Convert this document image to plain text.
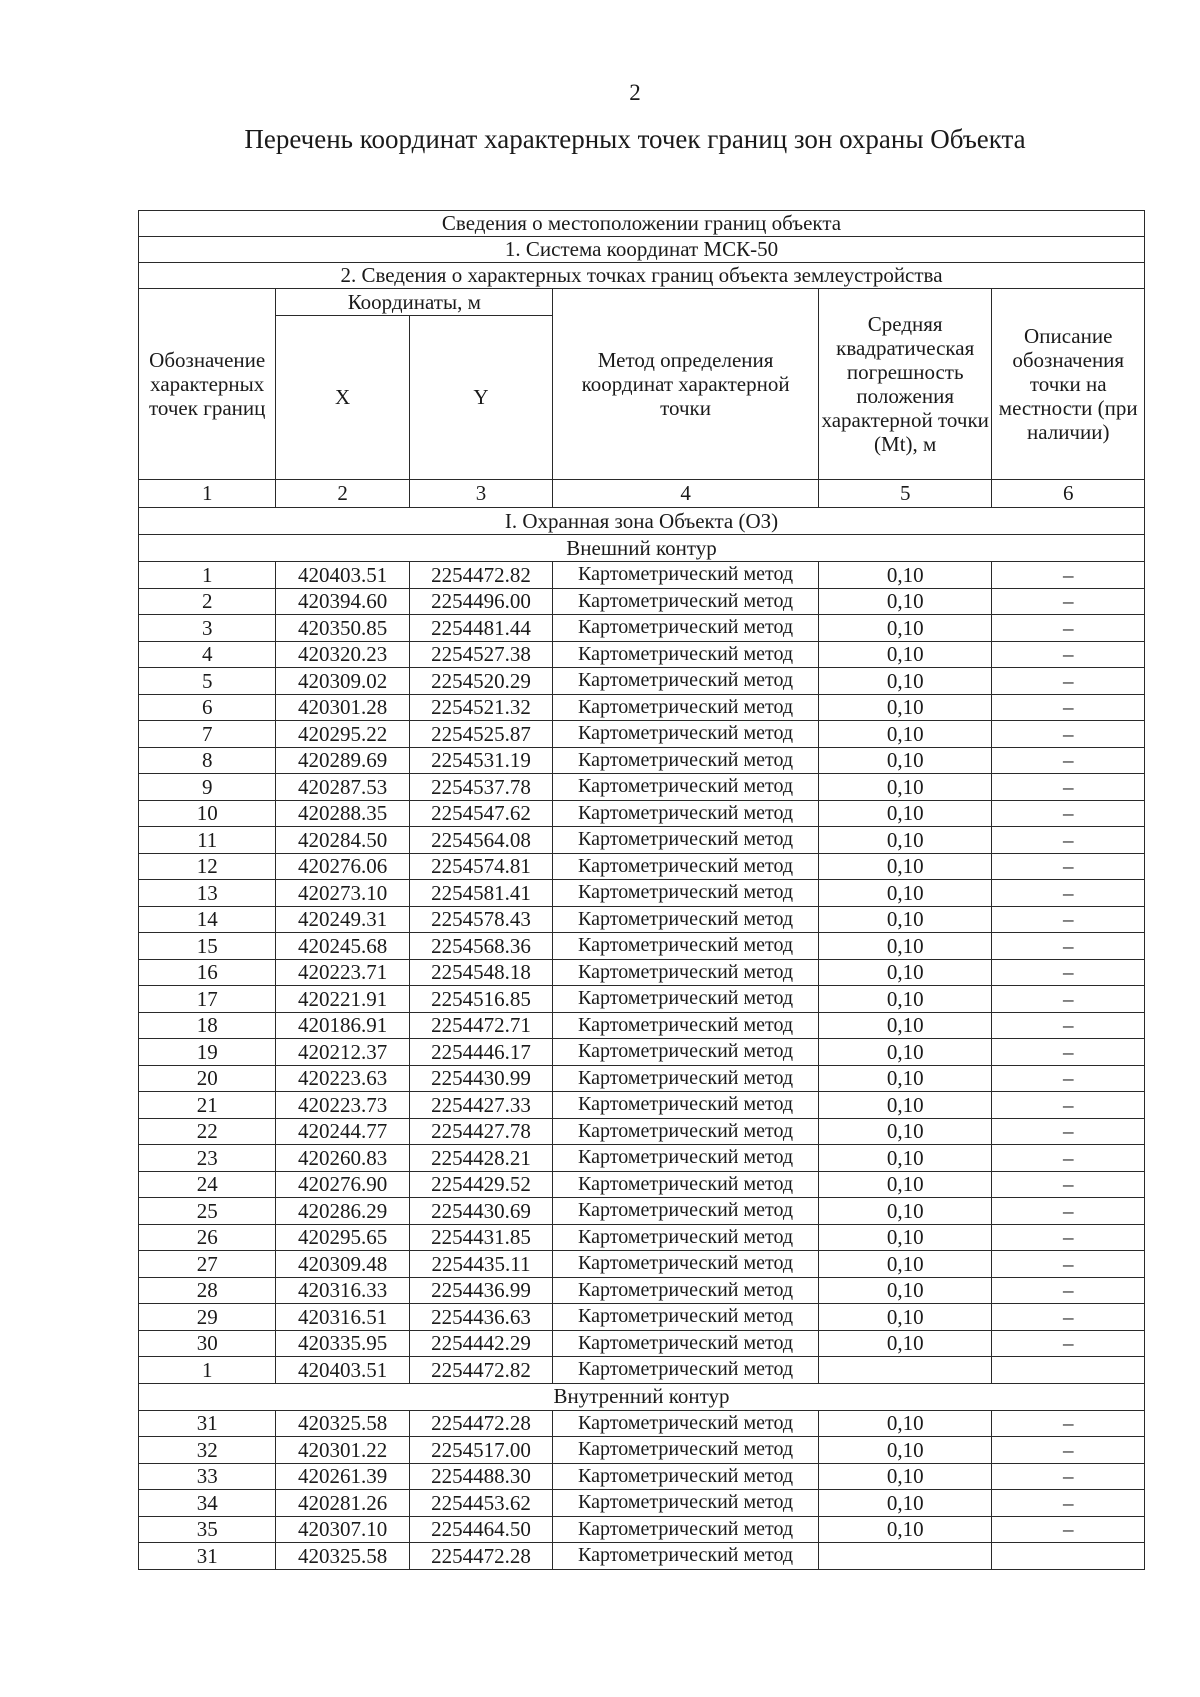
2
Перечень координат характерных точек границ зон охраны Объекта
Сведения о местоположении границ объекта					
1. Система координат МСК-50					
2. Сведения о характерных точках границ объекта землеустройства					
Обозначение характерных точек границ	Координаты, м		Метод определения координат характерной точки	Средняя квадратическая погрешность положения характерной точки (Mt), м	Описание обозначения точки на местности (при наличии)
	X	Y			
1	2	3	4	5	6
I. Охранная зона Объекта (ОЗ)					
Внешний контур					
1	420403.51	2254472.82	Картометрический метод	0,10	–
2	420394.60	2254496.00	Картометрический метод	0,10	–
3	420350.85	2254481.44	Картометрический метод	0,10	–
4	420320.23	2254527.38	Картометрический метод	0,10	–
5	420309.02	2254520.29	Картометрический метод	0,10	–
6	420301.28	2254521.32	Картометрический метод	0,10	–
7	420295.22	2254525.87	Картометрический метод	0,10	–
8	420289.69	2254531.19	Картометрический метод	0,10	–
9	420287.53	2254537.78	Картометрический метод	0,10	–
10	420288.35	2254547.62	Картометрический метод	0,10	–
11	420284.50	2254564.08	Картометрический метод	0,10	–
12	420276.06	2254574.81	Картометрический метод	0,10	–
13	420273.10	2254581.41	Картометрический метод	0,10	–
14	420249.31	2254578.43	Картометрический метод	0,10	–
15	420245.68	2254568.36	Картометрический метод	0,10	–
16	420223.71	2254548.18	Картометрический метод	0,10	–
17	420221.91	2254516.85	Картометрический метод	0,10	–
18	420186.91	2254472.71	Картометрический метод	0,10	–
19	420212.37	2254446.17	Картометрический метод	0,10	–
20	420223.63	2254430.99	Картометрический метод	0,10	–
21	420223.73	2254427.33	Картометрический метод	0,10	–
22	420244.77	2254427.78	Картометрический метод	0,10	–
23	420260.83	2254428.21	Картометрический метод	0,10	–
24	420276.90	2254429.52	Картометрический метод	0,10	–
25	420286.29	2254430.69	Картометрический метод	0,10	–
26	420295.65	2254431.85	Картометрический метод	0,10	–
27	420309.48	2254435.11	Картометрический метод	0,10	–
28	420316.33	2254436.99	Картометрический метод	0,10	–
29	420316.51	2254436.63	Картометрический метод	0,10	–
30	420335.95	2254442.29	Картометрический метод	0,10	–
1	420403.51	2254472.82	Картометрический метод		
Внутренний контур					
31	420325.58	2254472.28	Картометрический метод	0,10	–
32	420301.22	2254517.00	Картометрический метод	0,10	–
33	420261.39	2254488.30	Картометрический метод	0,10	–
34	420281.26	2254453.62	Картометрический метод	0,10	–
35	420307.10	2254464.50	Картометрический метод	0,10	–
31	420325.58	2254472.28	Картометрический метод		
